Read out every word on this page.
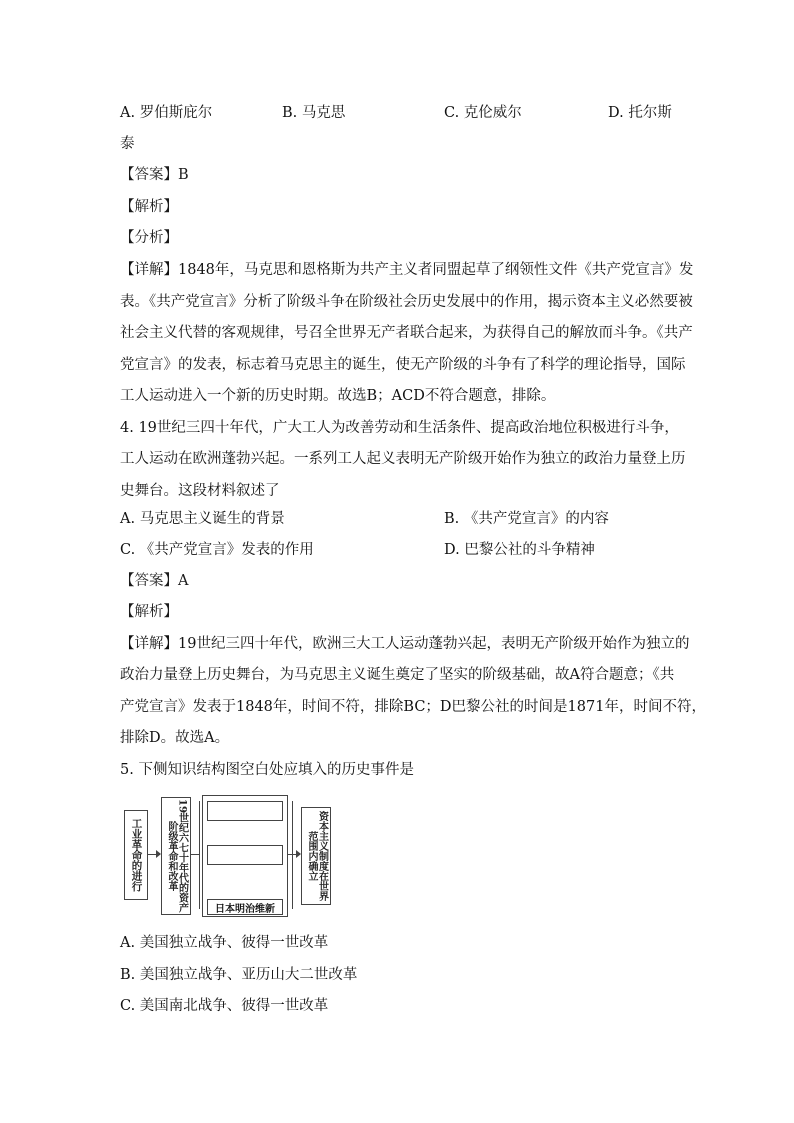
A. 罗伯斯庇尔	B. 马克思	C. 克伦威尔	D. 托尔斯
泰
【答案】B
【解析】
【分析】
【详解】1848年，马克思和恩格斯为共产主义者同盟起草了纲领性文件《共产党宣言》发
表。《共产党宣言》分析了阶级斗争在阶级社会历史发展中的作用，揭示资本主义必然要被
社会主义代替的客观规律，号召全世界无产者联合起来，为获得自己的解放而斗争。《共产
党宣言》的发表，标志着马克思主的诞生，使无产阶级的斗争有了科学的理论指导，国际
工人运动进入一个新的历史时期。故选B；ACD不符合题意，排除。
4. 19世纪三四十年代，广大工人为改善劳动和生活条件、提高政治地位积极进行斗争，
工人运动在欧洲蓬勃兴起。一系列工人起义表明无产阶级开始作为独立的政治力量登上历
史舞台。这段材料叙述了
A. 马克思主义诞生的背景	B. 《共产党宣言》的内容
C. 《共产党宣言》发表的作用	D. 巴黎公社的斗争精神
【答案】A
【解析】
【详解】19世纪三四十年代，欧洲三大工人运动蓬勃兴起，表明无产阶级开始作为独立的
政治力量登上历史舞台，为马克思主义诞生奠定了坚实的阶级基础，故A符合题意；《共
产党宣言》发表于1848年，时间不符，排除BC；D巴黎公社的时间是1871年，时间不符，
排除D。故选A。
5. 下侧知识结构图空白处应填入的历史事件是
工业革命的进行	19世纪六七十年代的资产阶级革命和改革
日本明治维新
资本主义制度在世界范围内确立
A. 美国独立战争、彼得一世改革
B. 美国独立战争、亚历山大二世改革
C. 美国南北战争、彼得一世改革
